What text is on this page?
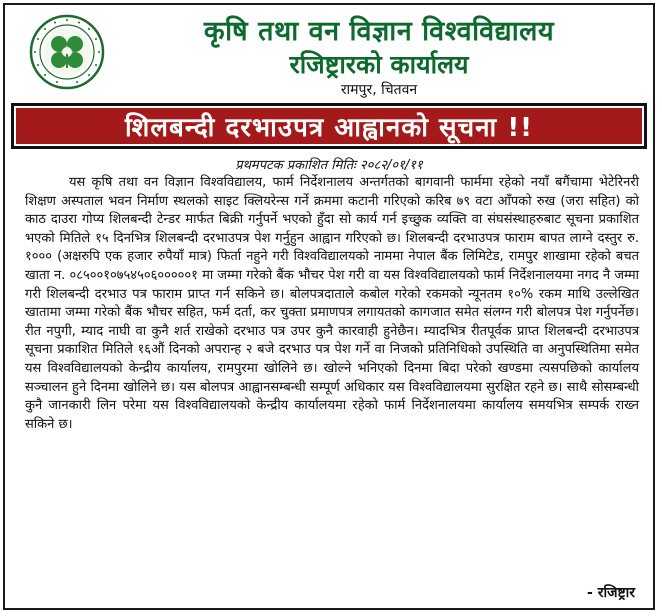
कृषि तथा वन विज्ञान विश्वविद्यालय
रजिष्ट्रारको कार्यालय
रामपुर, चितवन
शिलबन्दी दरभाउपत्र आह्वानको सूचना !!
प्रथमपटक प्रकाशित मितिः २०८२/०१/११
यस कृषि तथा वन विज्ञान विश्वविद्यालय, फार्म निर्देशनालय अन्तर्गतको बागवानी फार्ममा रहेको नयाँ बगैंचामा भेटेरिनरी शिक्षण अस्पताल भवन निर्माण स्थलको साइट क्लियरेन्स गर्ने क्रममा कटानी गरिएको करिब ७९ वटा आँपको रुख (जरा सहित) को काठ दाउरा गोप्य शिलबन्दी टेन्डर मार्फत बिक्री गर्नुपर्ने भएको हुँदा सो कार्य गर्न इच्छुक व्यक्ति वा संघसंस्थाहरुबाट सूचना प्रकाशित भएको मितिले १५ दिनभित्र शिलबन्दी दरभाउपत्र पेश गर्नुहुन आह्वान गरिएको छ। शिलबन्दी दरभाउपत्र फाराम बापत लाग्ने दस्तुर रु. १००० (अक्षरुपि एक हजार रुपैयाँ मात्र) फिर्ता नहुने गरी विश्वविद्यालयको नाममा नेपाल बैंक लिमिटेड, रामपुर शाखामा रहेको बचत खाता न. ०८५००१०७५४५०६०००००१ मा जम्मा गरेको बैंक भौचर पेश गरी वा यस विश्वविद्यालयको फार्म निर्देशनालयमा नगद नै जम्मा गरी शिलबन्दी दरभाउ पत्र फाराम प्राप्त गर्न सकिने छ। बोलपत्रदाताले कबोल गरेको रकमको न्यूनतम १०% रकम माथि उल्लेखित खातामा जम्मा गरेको बैंक भौचर सहित, फर्म दर्ता, कर चुक्ता प्रमाणपत्र लगायतको कागजात समेत संलग्न गरी बोलपत्र पेश गर्नुपर्नेछ। रीत नपुगी, म्याद नाघी वा कुनै शर्त राखेको दरभाउ पत्र उपर कुनै कारवाही हुनेछैन। म्यादभित्र रीतपूर्वक प्राप्त शिलबन्दी दरभाउपत्र सूचना प्रकाशित मितिले १६औं दिनको अपरान्ह २ बजे दरभाउ पत्र पेश गर्ने वा निजको प्रतिनिधिको उपस्थिति वा अनुपस्थितिमा समेत यस विश्वविद्यालयको केन्द्रीय कार्यालय, रामपुरमा खोलिने छ। खोल्ने भनिएको दिनमा बिदा परेको खण्डमा त्यसपछिको कार्यालय सञ्चालन हुने दिनमा खोलिने छ। यस बोलपत्र आह्वानसम्बन्धी सम्पूर्ण अधिकार यस विश्वविद्यालयमा सुरक्षित रहने छ। साथै सोसम्बन्धी कुनै जानकारी लिन परेमा यस विश्वविद्यालयको केन्द्रीय कार्यालयमा रहेको फार्म निर्देशनालयमा कार्यालय समयभित्र सम्पर्क राख्न सकिने छ।
- रजिष्ट्रार
